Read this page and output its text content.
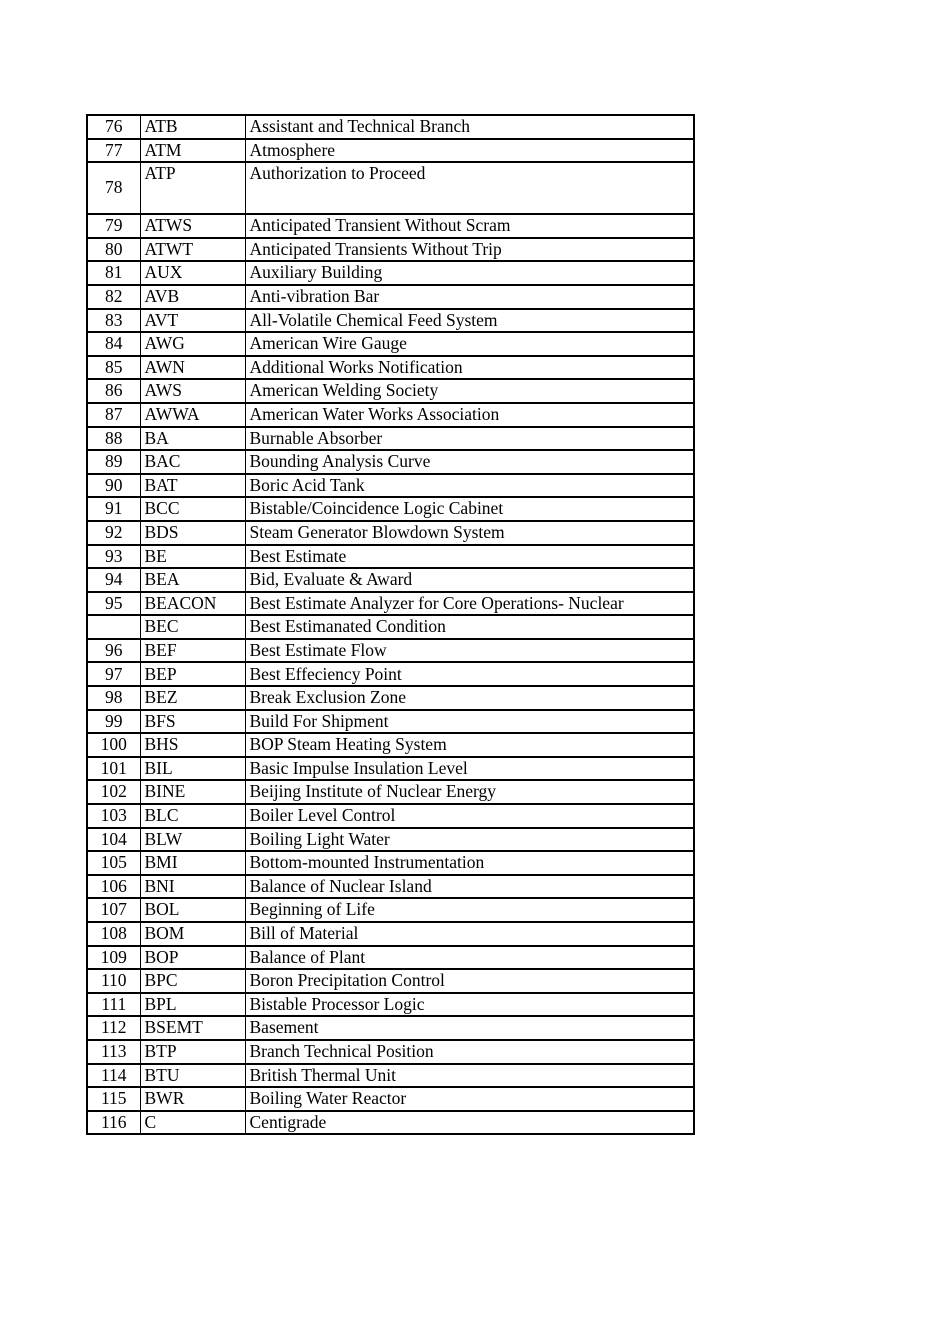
76	ATB	Assistant and Technical Branch
77	ATM	Atmosphere
78	ATP	Authorization to Proceed
79	ATWS	Anticipated Transient Without Scram
80	ATWT	Anticipated Transients Without Trip
81	AUX	Auxiliary Building
82	AVB	Anti-vibration Bar
83	AVT	All-Volatile Chemical Feed System
84	AWG	American Wire Gauge
85	AWN	Additional Works Notification
86	AWS	American Welding Society
87	AWWA	American Water Works Association
88	BA	Burnable Absorber
89	BAC	Bounding Analysis Curve
90	BAT	Boric Acid Tank
91	BCC	Bistable/Coincidence Logic Cabinet
92	BDS	Steam Generator Blowdown System
93	BE	Best Estimate
94	BEA	Bid, Evaluate & Award
95	BEACON	Best Estimate Analyzer for Core Operations- Nuclear
	BEC	Best Estimanated Condition
96	BEF	Best Estimate Flow
97	BEP	Best Effeciency Point
98	BEZ	Break Exclusion Zone
99	BFS	Build For Shipment
100	BHS	BOP Steam Heating System
101	BIL	Basic Impulse Insulation Level
102	BINE	Beijing Institute of Nuclear Energy
103	BLC	Boiler Level Control
104	BLW	Boiling Light Water
105	BMI	Bottom-mounted Instrumentation
106	BNI	Balance of Nuclear Island
107	BOL	Beginning of Life
108	BOM	Bill of Material
109	BOP	Balance of Plant
110	BPC	Boron Precipitation Control
111	BPL	Bistable Processor Logic
112	BSEMT	Basement
113	BTP	Branch Technical Position
114	BTU	British Thermal Unit
115	BWR	Boiling Water Reactor
116	C	Centigrade
